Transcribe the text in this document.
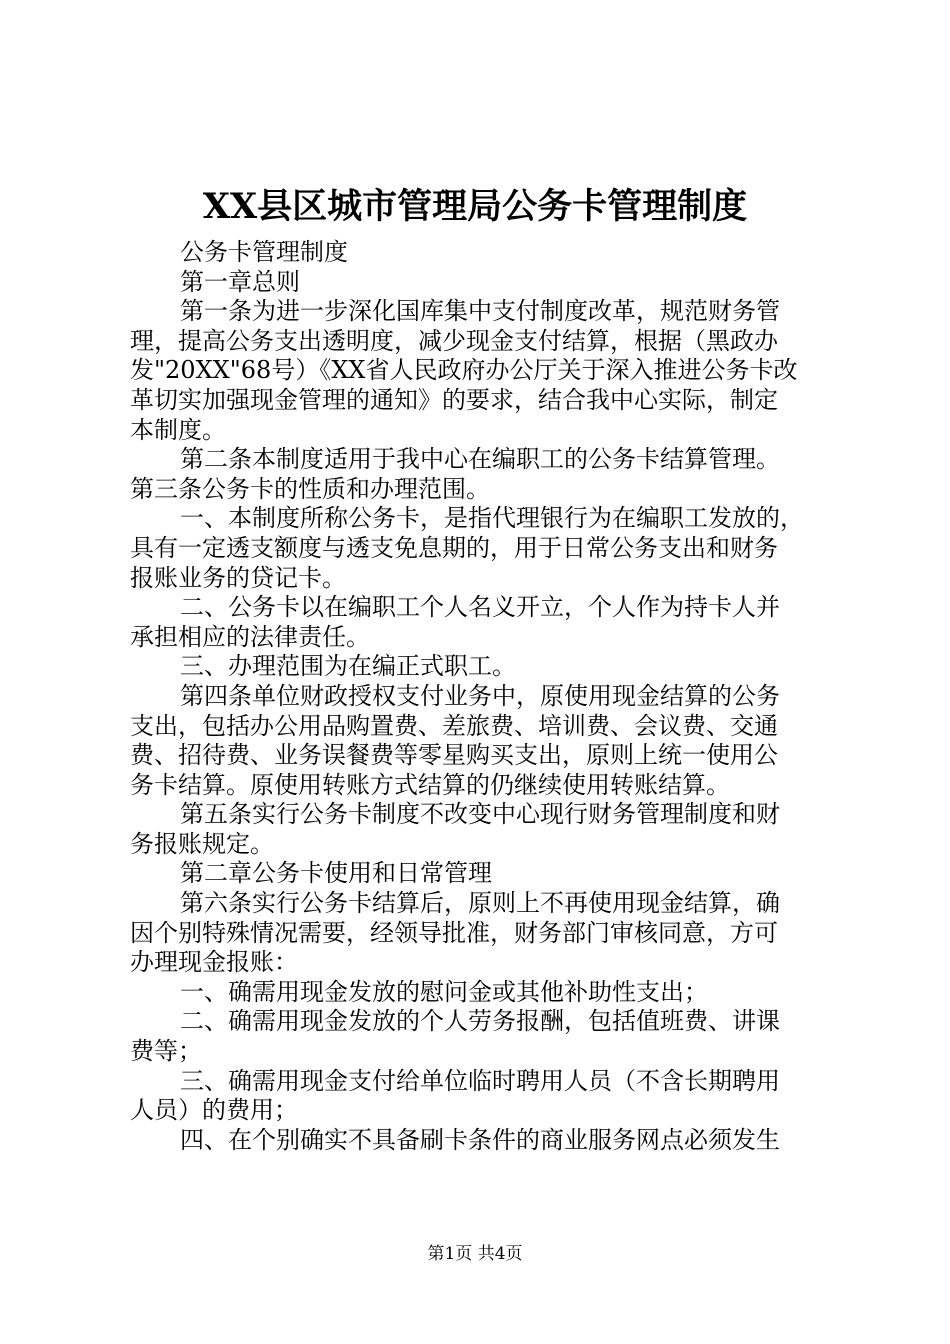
XX县区城市管理局公务卡管理制度
公务卡管理制度
第一章总则
第一条为进一步深化国库集中支付制度改革，规范财务管
理，提高公务支出透明度，减少现金支付结算，根据（黑政办
发"20XX"68号）《XX省人民政府办公厅关于深入推进公务卡改
革切实加强现金管理的通知》的要求，结合我中心实际，制定
本制度。
第二条本制度适用于我中心在编职工的公务卡结算管理。
第三条公务卡的性质和办理范围。
一、本制度所称公务卡，是指代理银行为在编职工发放的，
具有一定透支额度与透支免息期的，用于日常公务支出和财务
报账业务的贷记卡。
二、公务卡以在编职工个人名义开立，个人作为持卡人并
承担相应的法律责任。
三、办理范围为在编正式职工。
第四条单位财政授权支付业务中，原使用现金结算的公务
支出，包括办公用品购置费、差旅费、培训费、会议费、交通
费、招待费、业务误餐费等零星购买支出，原则上统一使用公
务卡结算。原使用转账方式结算的仍继续使用转账结算。
第五条实行公务卡制度不改变中心现行财务管理制度和财
务报账规定。
第二章公务卡使用和日常管理
第六条实行公务卡结算后，原则上不再使用现金结算，确
因个别特殊情况需要，经领导批准，财务部门审核同意，方可
办理现金报账：
一、确需用现金发放的慰问金或其他补助性支出；
二、确需用现金发放的个人劳务报酬，包括值班费、讲课
费等；
三、确需用现金支付给单位临时聘用人员（不含长期聘用
人员）的费用；
四、在个别确实不具备刷卡条件的商业服务网点必须发生
第1页 共4页
